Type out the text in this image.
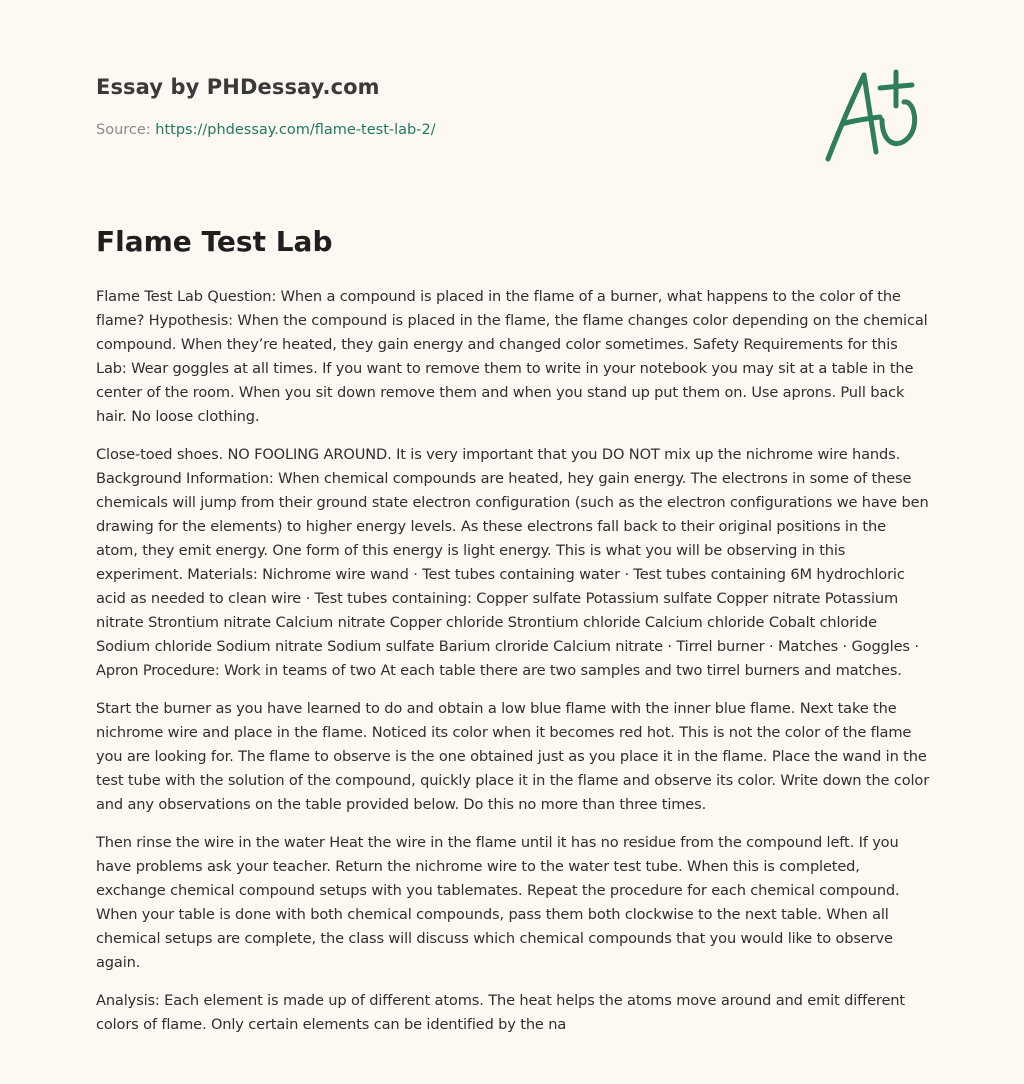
Essay by PHDessay.com
Source: https://phdessay.com/flame-test-lab-2/
Flame Test Lab

Flame Test Lab Question: When a compound is placed in the flame of a burner, what happens to the color of the flame? Hypothesis: When the compound is placed in the flame, the flame changes color depending on the chemical compound. When they’re heated, they gain energy and changed color sometimes. Safety Requirements for this Lab: Wear goggles at all times. If you want to remove them to write in your notebook you may sit at a table in the center of the room. When you sit down remove them and when you stand up put them on. Use aprons. Pull back hair. No loose clothing.

Close-toed shoes. NO FOOLING AROUND. It is very important that you DO NOT mix up the nichrome wire hands. Background Information: When chemical compounds are heated, hey gain energy. The electrons in some of these chemicals will jump from their ground state electron configuration (such as the electron configurations we have ben drawing for the elements) to higher energy levels. As these electrons fall back to their original positions in the atom, they emit energy. One form of this energy is light energy. This is what you will be observing in this experiment. Materials: Nichrome wire wand · Test tubes containing water · Test tubes containing 6M hydrochloric acid as needed to clean wire · Test tubes containing: Copper sulfate Potassium sulfate Copper nitrate Potassium nitrate Strontium nitrate Calcium nitrate Copper chloride Strontium chloride Calcium chloride Cobalt chloride Sodium chloride Sodium nitrate Sodium sulfate Barium clroride Calcium nitrate · Tirrel burner · Matches · Goggles · Apron Procedure: Work in teams of two At each table there are two samples and two tirrel burners and matches.

Start the burner as you have learned to do and obtain a low blue flame with the inner blue flame. Next take the nichrome wire and place in the flame. Noticed its color when it becomes red hot. This is not the color of the flame you are looking for. The flame to observe is the one obtained just as you place it in the flame. Place the wand in the test tube with the solution of the compound, quickly place it in the flame and observe its color. Write down the color and any observations on the table provided below. Do this no more than three times.

Then rinse the wire in the water Heat the wire in the flame until it has no residue from the compound left. If you have problems ask your teacher. Return the nichrome wire to the water test tube. When this is completed, exchange chemical compound setups with you tablemates. Repeat the procedure for each chemical compound. When your table is done with both chemical compounds, pass them both clockwise to the next table. When all chemical setups are complete, the class will discuss which chemical compounds that you would like to observe again.

Analysis: Each element is made up of different atoms. The heat helps the atoms move around and emit different colors of flame. Only certain elements can be identified by the na
